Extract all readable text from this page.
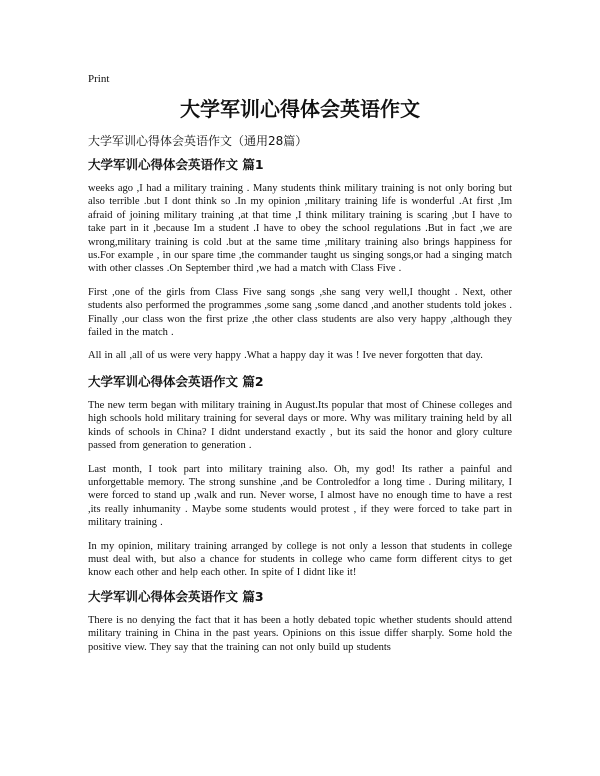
Print
大学军训心得体会英语作文
大学军训心得体会英语作文（通用28篇）
大学军训心得体会英语作文 篇1

weeks ago ,I had a military training . Many students think military training is not only boring but also terrible .but I dont think so .In my opinion ,military training life is wonderful .At first ,Im afraid of joining military training ,at that time ,I think military training is scaring ,but I have to take part in it ,because Im a student .I have to obey the school regulations .But in fact ,we are wrong,military training is cold .but at the same time ,military training also brings happiness for us.For example , in our spare time ,the commander taught us singing songs,or had a singing match with other classes .On September third ,we had a match with Class Five .

First ,one of the girls from Class Five sang songs ,she sang very well,I thought . Next, other students also performed the programmes ,some sang ,some dancd ,and another students told jokes . Finally ,our class won the first prize ,the other class students are also very happy ,although they failed in the match .

All in all ,all of us were very happy .What a happy day it was ! Ive never forgotten that day.

大学军训心得体会英语作文 篇2

The new term began with military training in August.Its popular that most of Chinese colleges and high schools hold military training for several days or more. Why was military training held by all kinds of schools in China? I didnt understand exactly , but its said the honor and glory culture passed from generation to generation .

Last month, I took part into military training also. Oh, my god! Its rather a painful and unforgettable memory. The strong sunshine ,and be Controledfor a long time . During military, I were forced to stand up ,walk and run. Never worse, I almost have no enough time to have a rest ,its really inhumanity . Maybe some students would protest , if they were forced to take part in military training .

In my opinion, military training arranged by college is not only a lesson that students in college must deal with, but also a chance for students in college who came form different citys to get know each other and help each other. In spite of I didnt like it!

大学军训心得体会英语作文 篇3

There is no denying the fact that it has been a hotly debated topic whether students should attend military training in China in the past years. Opinions on this issue differ sharply. Some hold the positive view. They say that the training can not only build up students
